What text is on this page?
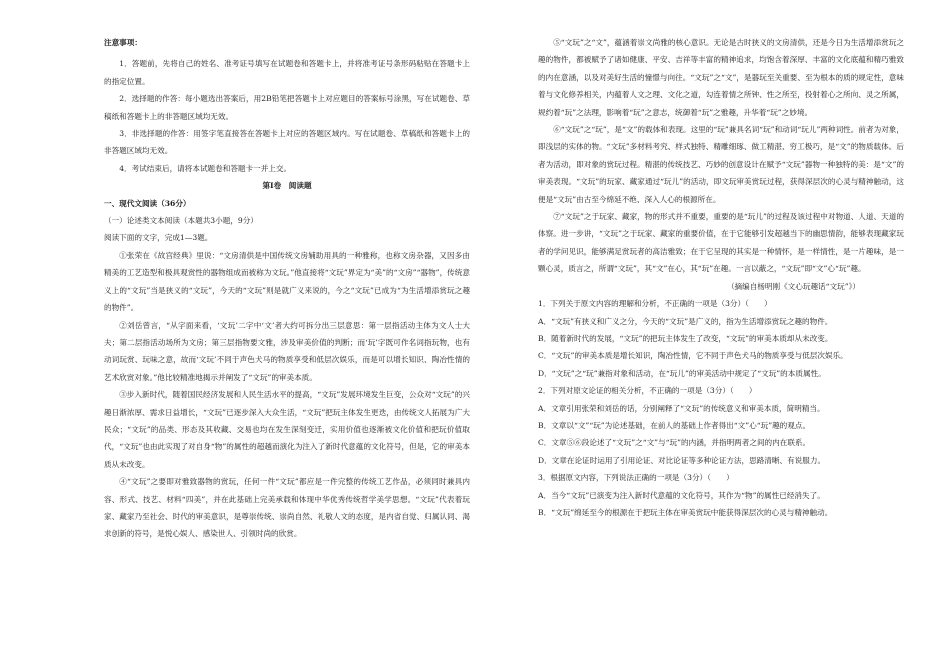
注意事项：

1．答题前，先将自己的姓名、准考证号填写在试题卷和答题卡上，并将准考证号条形码粘贴在答题卡上的指定位置。

2．选择题的作答：每小题选出答案后，用2B铅笔把答题卡上对应题目的答案标号涂黑，写在试题卷、草稿纸和答题卡上的非答题区域均无效。

3．非选择题的作答：用签字笔直接答在答题卡上对应的答题区域内。写在试题卷、草稿纸和答题卡上的非答题区域均无效。

4．考试结束后，请将本试题卷和答题卡一并上交。

第Ⅰ卷　阅读题

一、现代文阅读（36分）

（一）论述类文本阅读（本题共3小题，9分）

阅读下面的文字，完成1—3题。

①张荣在《故宫经典》里说：“文房清供是中国传统文房辅助用具的一种雅称，也称文房杂器，又因多由精美的工艺造型和极具观赏性的器物组成而被称为文玩。”他直接将“文玩”界定为“美”的“文房”“器物”，传统意义上的“文玩”当是狭义的“文玩”，今天的“文玩”则是就广义来说的，今之“文玩”已成为“为生活增添赏玩之趣的物件”。

②刘岳曾言，“从字面来看，‘文玩’二字中‘文’者大约可拆分出三层意思：第一层指活动主体为文人士大夫；第二层指活动场所为文房；第三层指物要文雅，涉及审美价值的判断；而‘玩’字既可作名词指玩物，也有动词玩赏、玩味之意，故而‘文玩’不同于声色犬马的物质享受和低层次娱乐，而是可以增长知识、陶冶性情的艺术欣赏对象。”他比较精准地揭示并阐发了“文玩”的审美本质。

③步入新时代，随着国民经济发展和人民生活水平的提高，“文玩”发展环境发生巨变，公众对“文玩”的兴趣日渐浓厚、需求日益增长，“文玩”已逐步深入大众生活，“文玩”把玩主体发生更迭，由传统文人拓展为广大民众；“文玩”的品类、形态及其收藏、交易也均在发生深刻变迁，实用价值也逐渐被文化价值和把玩价值取代，“文玩”也由此实现了对自身“物”的属性的超越而演化为注入了新时代意蕴的文化符号，但是，它的审美本质从未改变。

④“文玩”之要即对雅致器物的赏玩，任何一件“文玩”都应是一件完整的传统工艺作品，必须同时兼具内容、形式、技艺、材料“四美”，并在此基础上完美承载和体现中华优秀传统哲学美学思想。“文玩”代表着玩家、藏家乃至社会、时代的审美意识，是尊崇传统、崇尚自然、礼敬人文的态度，是内省自觉、归属认同、渴求创新的符号，是悦心娱人、感染世人、引领时尚的欣赏。

⑤“文玩”之“文”，蕴涵着崇文尚雅的核心意识。无论是古时狭义的文房清供，还是今日为生活增添赏玩之趣的物件，都被赋予了诸如健康、平安、吉祥等丰富的精神追求，均饱含着深厚、丰富的文化底蕴和精巧雅致的内在意涵，以及对美好生活的憧憬与向往。“文玩”之“文”，是器玩至关重要、至为根本的质的规定性，意味着与文化修养相关，内蕴着人文之理、文化之道，勾连着情之所钟、性之所至，投射着心之所向、灵之所属，规约着“玩”之法理，影响着“玩”之意志，统御着“玩”之雅趣，升华着“玩”之妙境。

⑥“文玩”之“玩”，是“文”的载体和表现。这里的“玩”兼具名词“玩”和动词“玩儿”两种词性。前者为对象，即浅层的实体的物。“文玩”多材料考究、样式独特、精雕细琢、做工精湛、穷工极巧，是“文”的物质载体。后者为活动，即对象的赏玩过程。精湛的传统技艺、巧妙的创意设计在赋予“文玩”器物一种独特的美：是“文”的审美表现。“文玩”的玩家、藏家通过“玩儿”的活动，即文玩审美赏玩过程，获得深层次的心灵与精神触动，这便是“文玩”由古至今绵延不绝、深入人心的根源所在。

⑦“文玩”之于玩家、藏家，物的形式并不重要，重要的是“玩儿”的过程及该过程中对物道、人道、天道的体察。进一步讲，“文玩”之于玩家、藏家的重要价值，在于它能够引发超越当下的幽思情韵，能够表现藏家玩者的学问见识，能够满足赏玩者的高洁雅致；在于它呈现的其实是一种情怀，是一样情性，是一片趣味，是一颗心灵，质言之，所谓“文玩”，其“文”在心，其“玩”在趣。一言以蔽之，“文玩”即“文”心“玩”趣。

（摘编自杨明刚《文心玩趣话“文玩”》）

1．下列关于原文内容的理解和分析，不正确的一项是（3分）（　　）

A．“文玩”有狭义和广义之分，今天的“文玩”是广义的，指为生活增添赏玩之趣的物件。

B．随着新时代的发展，“文玩”的把玩主体发生了改变，“文玩”的审美本质却从未改变。

C．“文玩”的审美本质是增长知识，陶冶性情，它不同于声色犬马的物质享受与低层次娱乐。

D．“文玩”之“玩”兼指对象和活动，在“玩儿”的审美活动中规定了“文玩”的本质属性。

2．下列对原文论证的相关分析，不正确的一项是（3分）（　　）

A．文章引用张荣和刘岳的话，分别阐释了“文玩”的传统意义和审美本质，简明精当。

B．文章以“文”“玩”为论述基础，在前人的基础上作者得出“文”心“玩”趣的观点。

C．文章⑤⑥段论述了“文玩”之“文”与“玩”的内涵，并指明两者之间的内在联系。

D．文章在论证时运用了引用论证、对比论证等多种论证方法，思路清晰、有说服力。

3．根据原文内容，下列说法正确的一项是（3分）（　　）

A．当今“文玩”已演变为注入新时代意蕴的文化符号，其作为“物”的属性已经消失了。

B．“文玩”绵延至今的根源在于把玩主体在审美赏玩中能获得深层次的心灵与精神触动。
